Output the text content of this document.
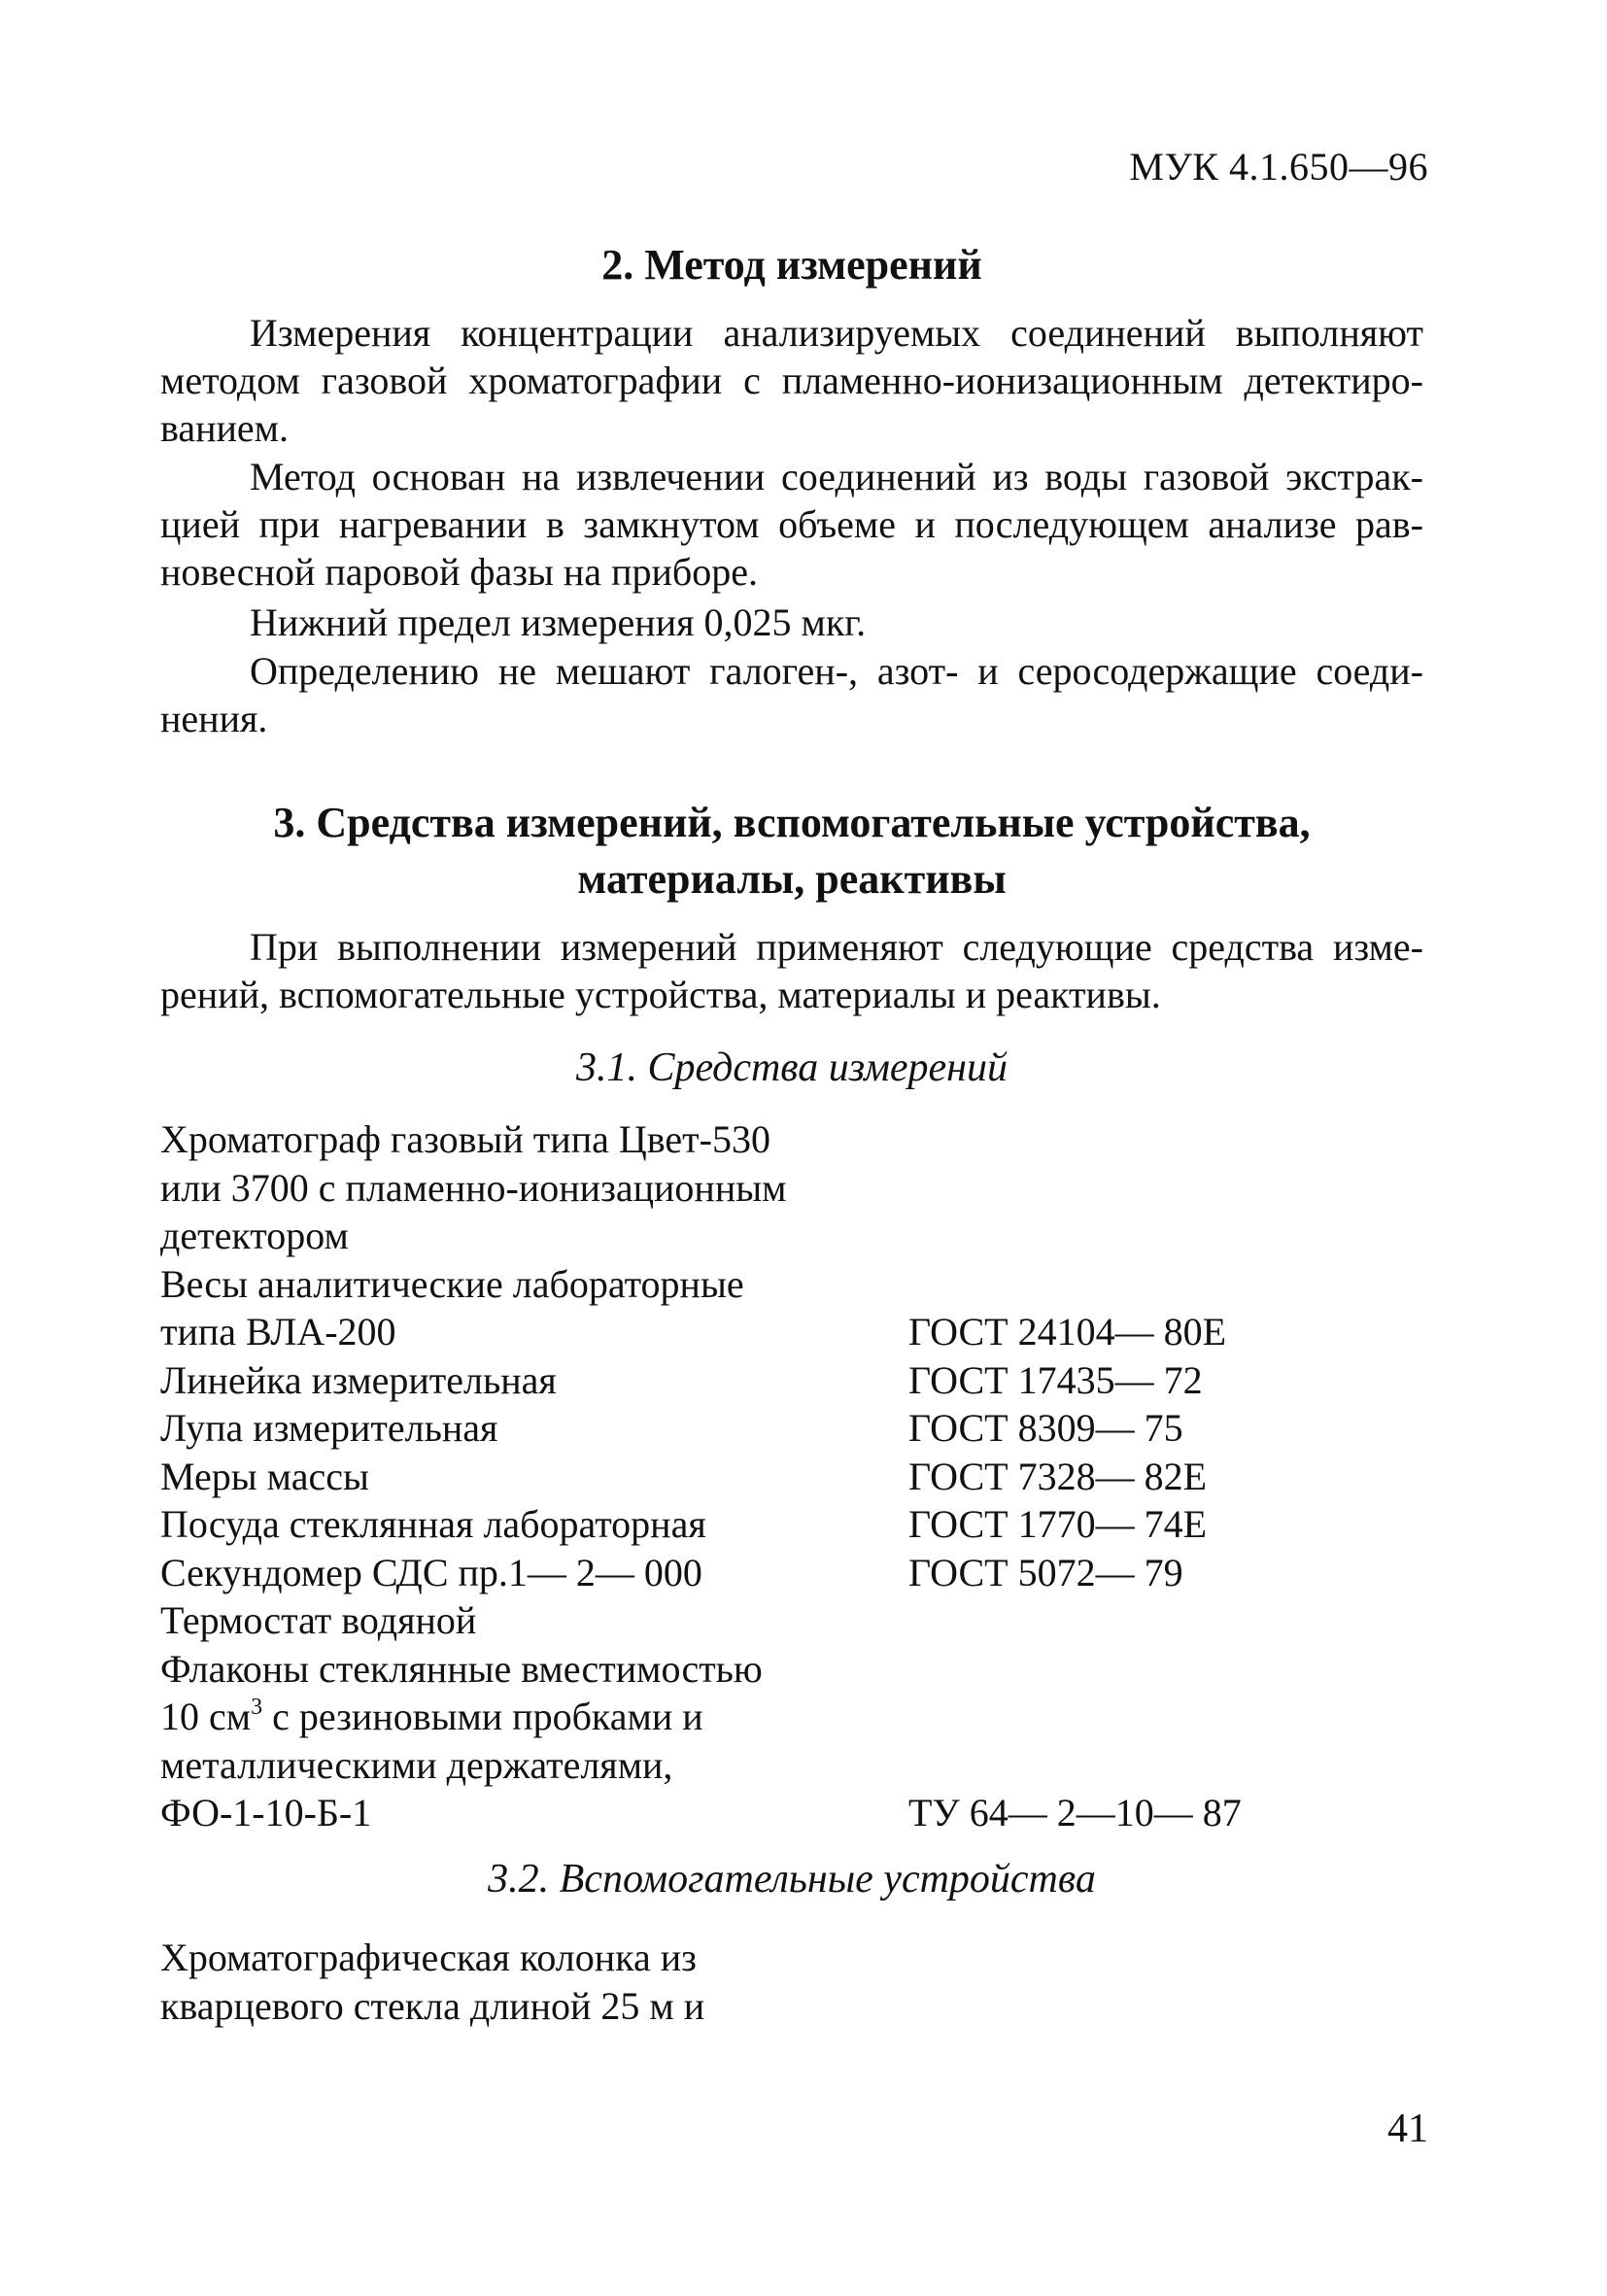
МУК 4.1.650—96
2. Метод измерений
Измерения концентрации анализируемых соединений выполняют
методом газовой хроматографии с пламенно-ионизационным детектиро-
ванием.
Метод основан на извлечении соединений из воды газовой экстрак-
цией при нагревании в замкнутом объеме и последующем анализе рав-
новесной паровой фазы на приборе.
Нижний предел измерения 0,025 мкг.
Определению не мешают галоген-, азот- и серосодержащие соеди-
нения.
3. Средства измерений, вспомогательные устройства,
материалы, реактивы
При выполнении измерений применяют следующие средства изме-
рений, вспомогательные устройства, материалы и реактивы.
3.1. Средства измерений
Хроматограф газовый типа Цвет-530
или 3700 с пламенно-ионизационным
детектором
Весы аналитические лабораторные
типа ВЛА-200	ГОСТ 24104— 80Е
Линейка измерительная	ГОСТ 17435— 72
Лупа измерительная	ГОСТ 8309— 75
Меры массы	ГОСТ 7328— 82Е
Посуда стеклянная лабораторная	ГОСТ 1770— 74Е
Секундомер СДС пр.1— 2— 000	ГОСТ 5072— 79
Термостат водяной
Флаконы стеклянные вместимостью
10 $см^3$ с резиновыми пробками и
металлическими держателями,
ФО-1-10-Б-1	ТУ 64— 2—10— 87
3.2. Вспомогательные устройства
Хроматографическая колонка из
кварцевого стекла длиной 25 м и
41
